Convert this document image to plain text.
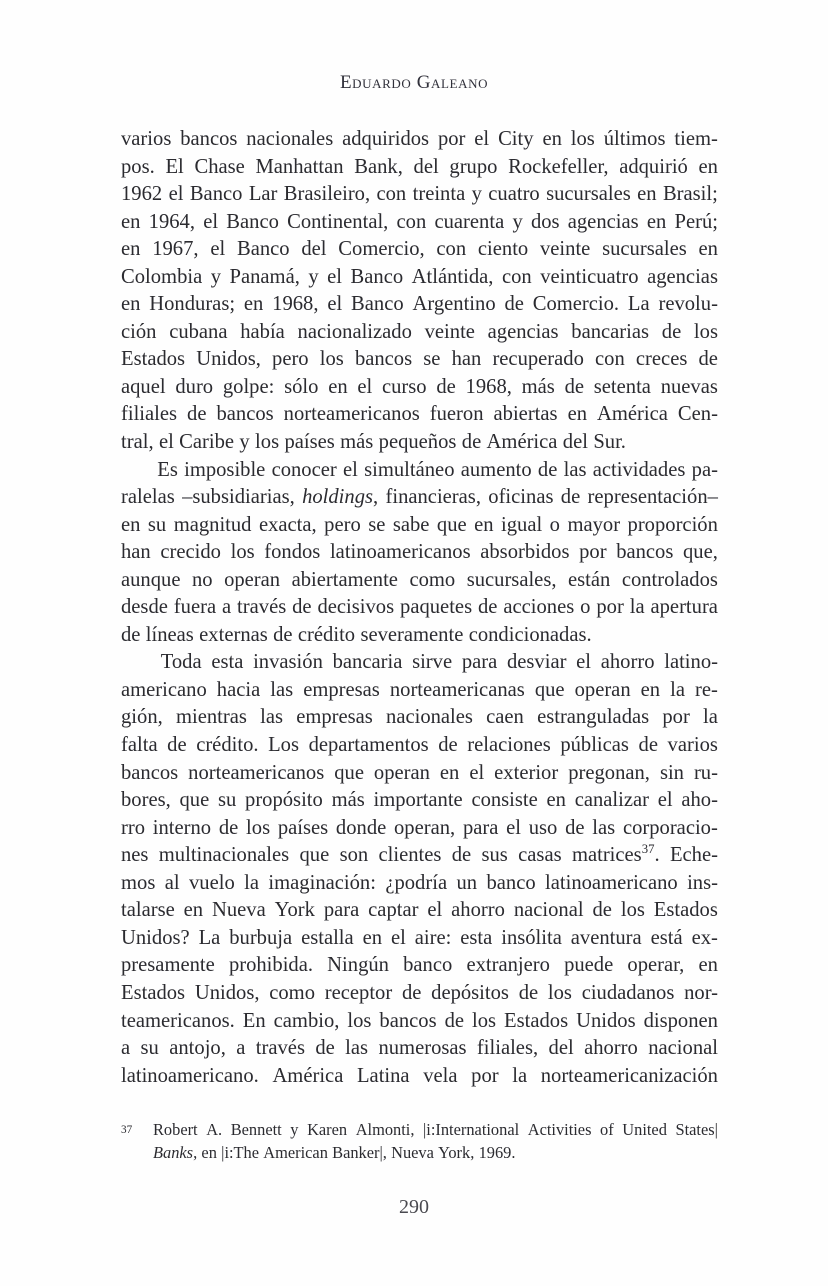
Eduardo Galeano
varios bancos nacionales adquiridos por el City en los últimos tiem-
pos. El Chase Manhattan Bank, del grupo Rockefeller, adquirió en
1962 el Banco Lar Brasileiro, con treinta y cuatro sucursales en Brasil;
en 1964, el Banco Continental, con cuarenta y dos agencias en Perú;
en 1967, el Banco del Comercio, con ciento veinte sucursales en
Colombia y Panamá, y el Banco Atlántida, con veinticuatro agencias
en Honduras; en 1968, el Banco Argentino de Comercio. La revolu-
ción cubana había nacionalizado veinte agencias bancarias de los
Estados Unidos, pero los bancos se han recuperado con creces de
aquel duro golpe: sólo en el curso de 1968, más de setenta nuevas
filiales de bancos norteamericanos fueron abiertas en América Cen-
tral, el Caribe y los países más pequeños de América del Sur.
Es imposible conocer el simultáneo aumento de las actividades pa-
ralelas –subsidiarias, holdings, financieras, oficinas de representación–
en su magnitud exacta, pero se sabe que en igual o mayor proporción
han crecido los fondos latinoamericanos absorbidos por bancos que,
aunque no operan abiertamente como sucursales, están controlados
desde fuera a través de decisivos paquetes de acciones o por la apertura
de líneas externas de crédito severamente condicionadas.
Toda esta invasión bancaria sirve para desviar el ahorro latino-
americano hacia las empresas norteamericanas que operan en la re-
gión, mientras las empresas nacionales caen estranguladas por la
falta de crédito. Los departamentos de relaciones públicas de varios
bancos norteamericanos que operan en el exterior pregonan, sin ru-
bores, que su propósito más importante consiste en canalizar el aho-
rro interno de los países donde operan, para el uso de las corporacio-
nes multinacionales que son clientes de sus casas matrices$^{37}$. Eche-
mos al vuelo la imaginación: ¿podría un banco latinoamericano ins-
talarse en Nueva York para captar el ahorro nacional de los Estados
Unidos? La burbuja estalla en el aire: esta insólita aventura está ex-
presamente prohibida. Ningún banco extranjero puede operar, en
Estados Unidos, como receptor de depósitos de los ciudadanos nor-
teamericanos. En cambio, los bancos de los Estados Unidos disponen
a su antojo, a través de las numerosas filiales, del ahorro nacional
latinoamericano. América Latina vela por la norteamericanización
37	Robert A. Bennett y Karen Almonti, |i:International Activities of United States|
Banks, en |i:The American Banker|, Nueva York, 1969.
290
